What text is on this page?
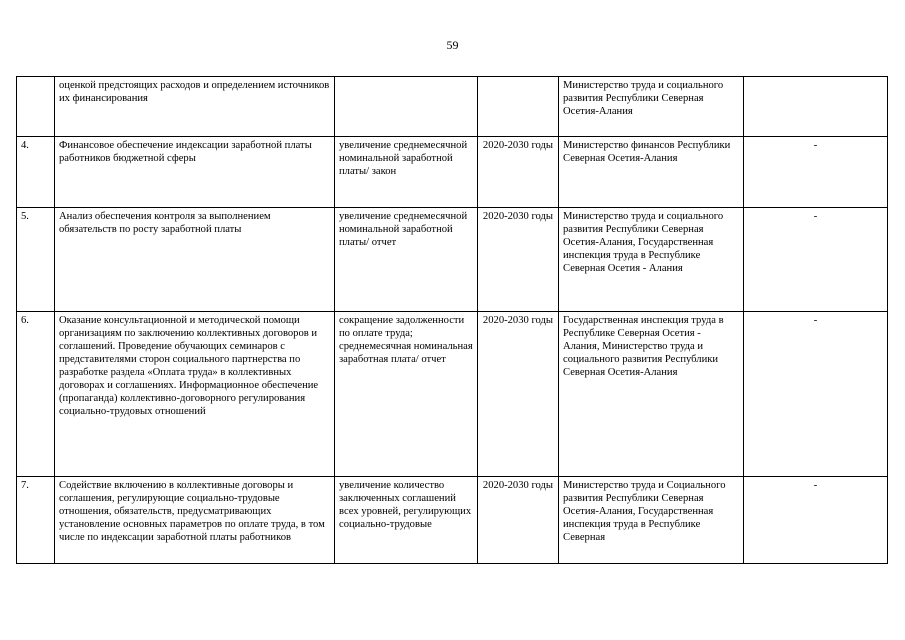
59
	оценкой предстоящих расходов и определением источников их финансирования			Министерство труда и социального развития Республики Северная Осетия-Алания	
4.	Финансовое обеспечение индексации заработной платы работников бюджетной сферы	увеличение среднемесячной номинальной заработной платы/ закон	2020-2030 годы	Министерство финансов Республики Северная Осетия-Алания	-
5.	Анализ обеспечения контроля за выполнением обязательств по росту заработной платы	увеличение среднемесячной номинальной заработной платы/ отчет	2020-2030 годы	Министерство труда и социального развития Республики Северная Осетия-Алания, Государственная инспекция труда в Республике Северная Осетия - Алания	-
6.	Оказание консультационной и методической помощи организациям по заключению коллективных договоров и соглашений. Проведение обучающих семинаров с представителями сторон социального партнерства по разработке раздела «Оплата труда» в коллективных договорах и соглашениях. Информационное обеспечение (пропаганда) коллективно-договорного регулирования социально-трудовых отношений	сокращение задолженности по оплате труда; среднемесячная номинальная заработная плата/ отчет	2020-2030 годы	Государственная инспекция труда в Республике Северная Осетия - Алания, Министерство труда и социального развития Республики Северная Осетия-Алания	-
7.	Содействие включению в коллективные договоры и соглашения, регулирующие социально-трудовые отношения, обязательств, предусматривающих установление основных параметров по оплате труда, в том числе по индексации заработной платы работников	увеличение количество заключенных соглашений всех уровней, регулирующих социально-трудовые	2020-2030 годы	Министерство труда и Социального развития Республики Северная Осетия-Алания, Государственная инспекция труда в Республике Северная	-
